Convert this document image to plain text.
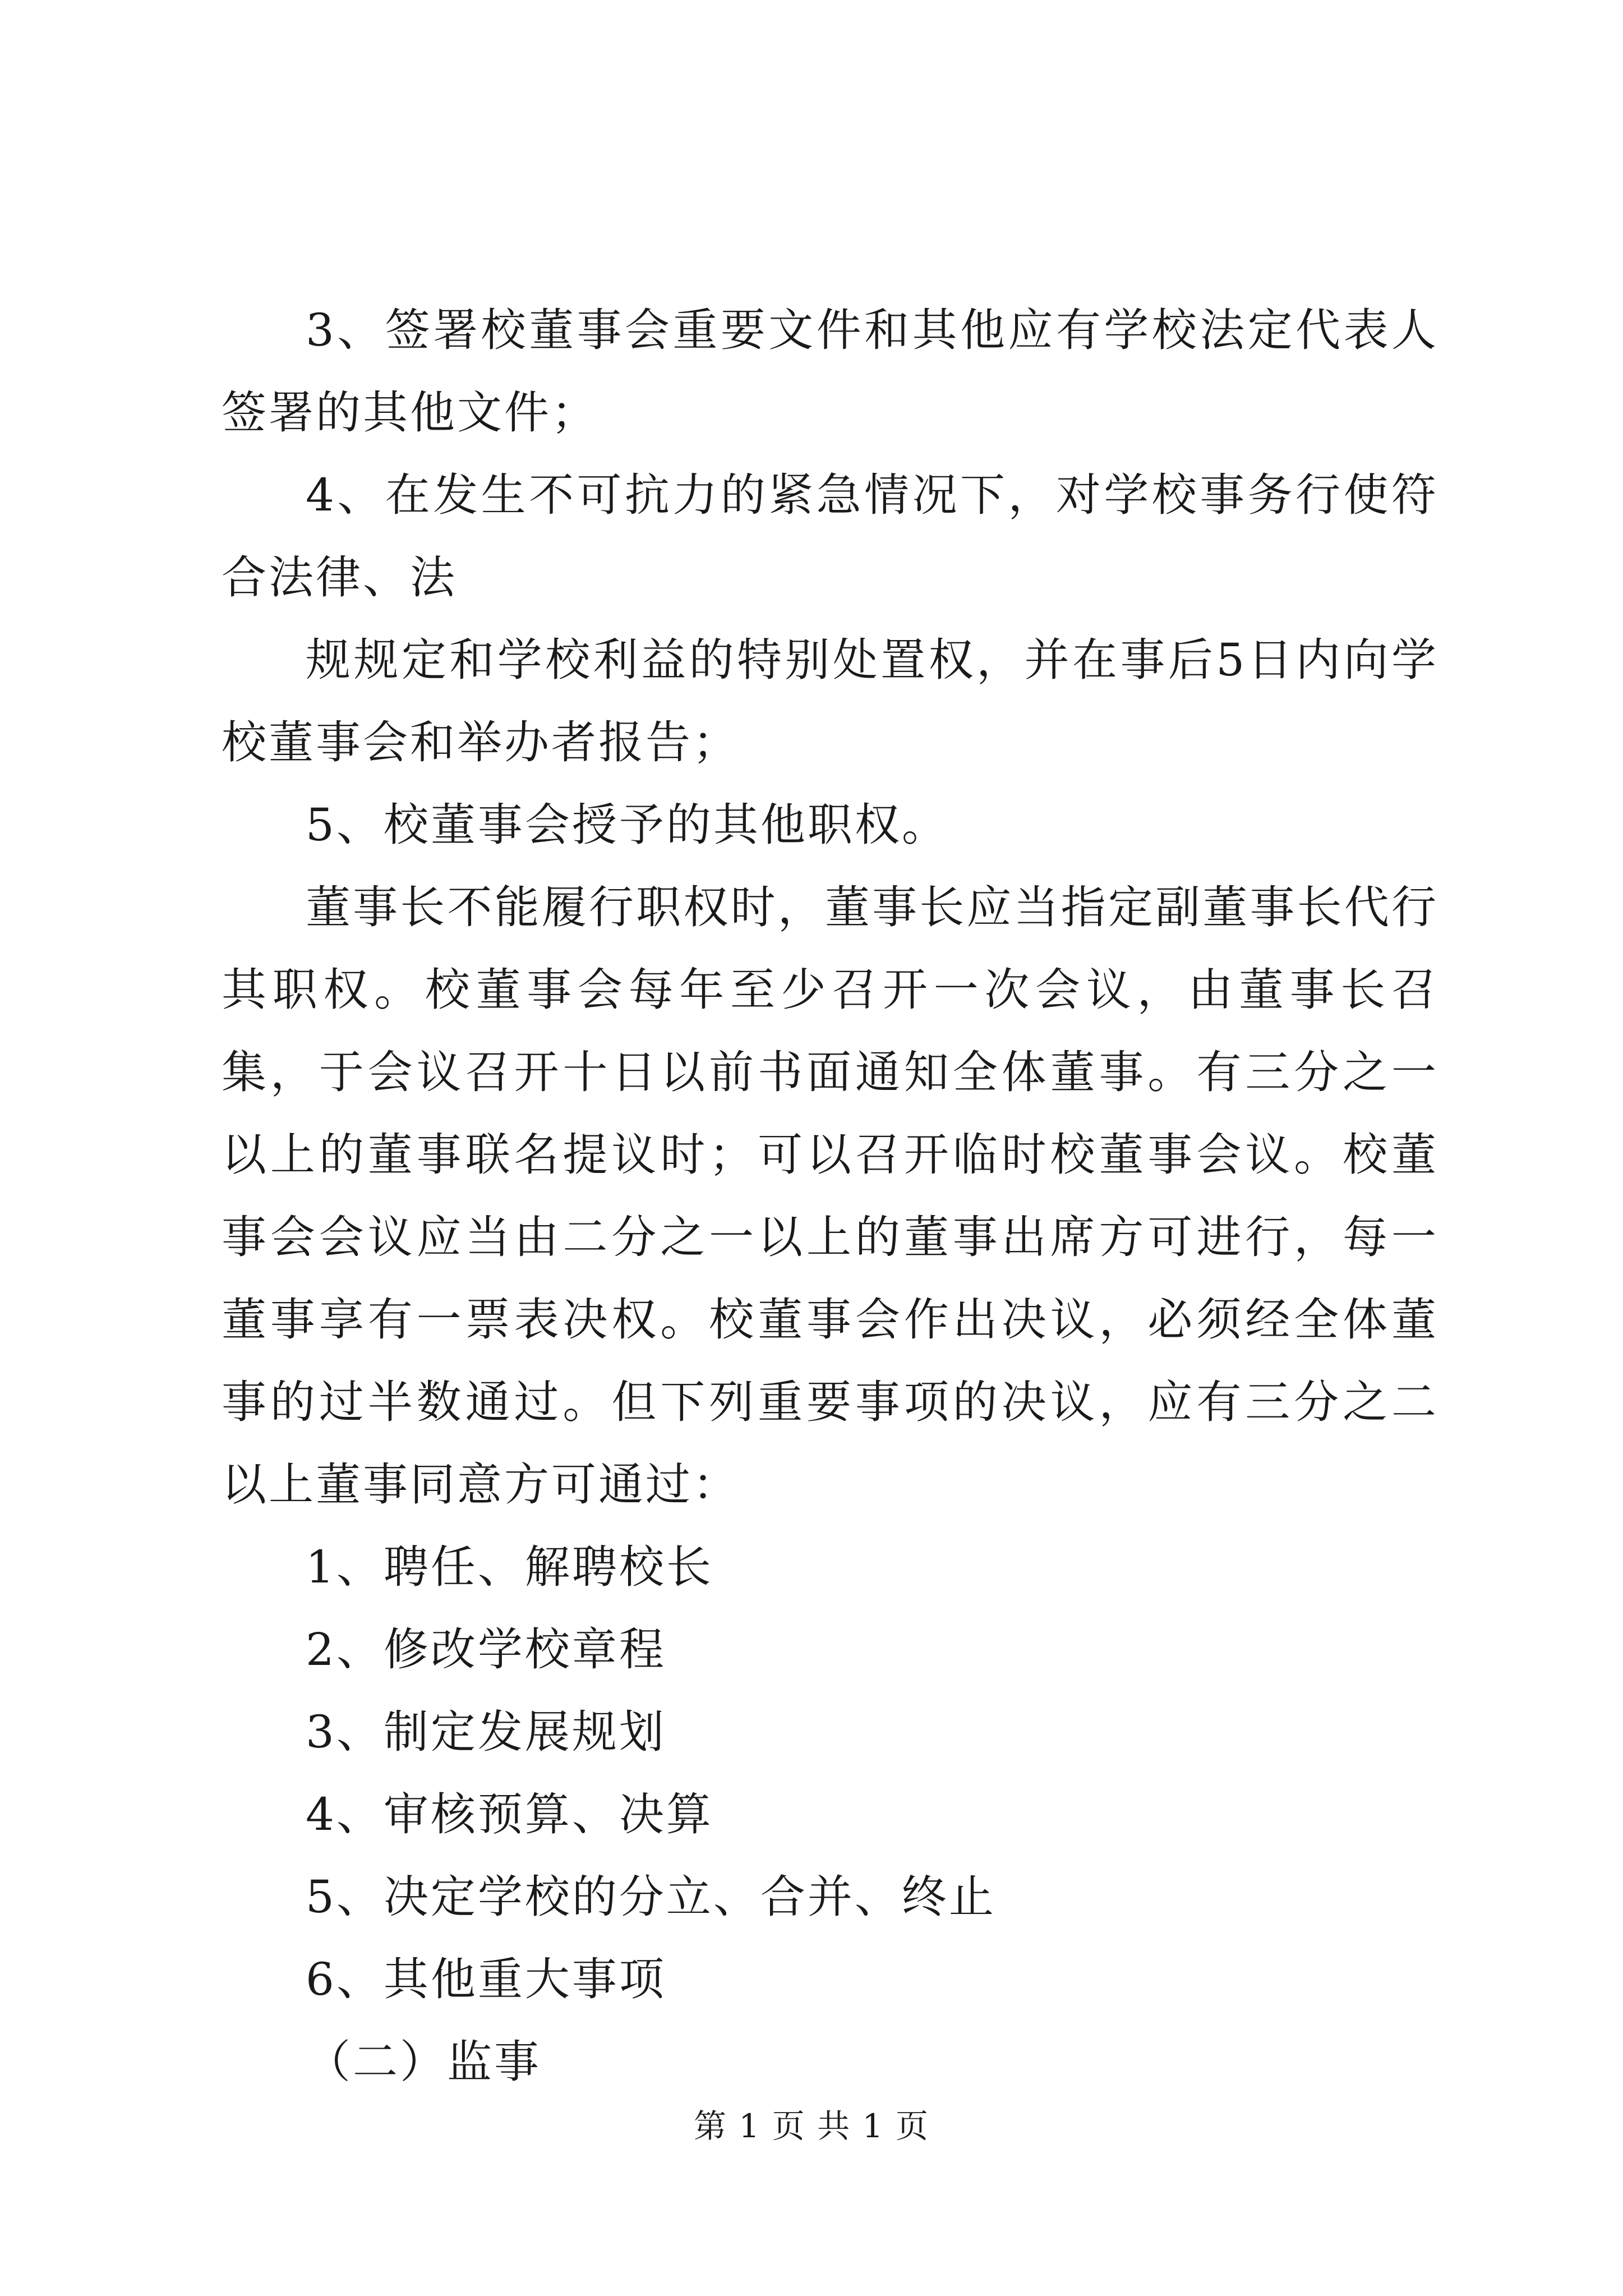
3、签署校董事会重要文件和其他应有学校法定代表人签署的其他文件；

4、在发生不可抗力的紧急情况下，对学校事务行使符合法律、法

规规定和学校利益的特别处置权，并在事后5日内向学校董事会和举办者报告；

5、校董事会授予的其他职权。

董事长不能履行职权时，董事长应当指定副董事长代行其职权。校董事会每年至少召开一次会议，由董事长召集，于会议召开十日以前书面通知全体董事。有三分之一以上的董事联名提议时；可以召开临时校董事会议。校董事会会议应当由二分之一以上的董事出席方可进行，每一董事享有一票表决权。校董事会作出决议，必须经全体董事的过半数通过。但下列重要事项的决议，应有三分之二以上董事同意方可通过：

1、聘任、解聘校长

2、修改学校章程

3、制定发展规划

4、审核预算、决算

5、决定学校的分立、合并、终止

6、其他重大事项

（二）监事

第 1 页 共 1 页
